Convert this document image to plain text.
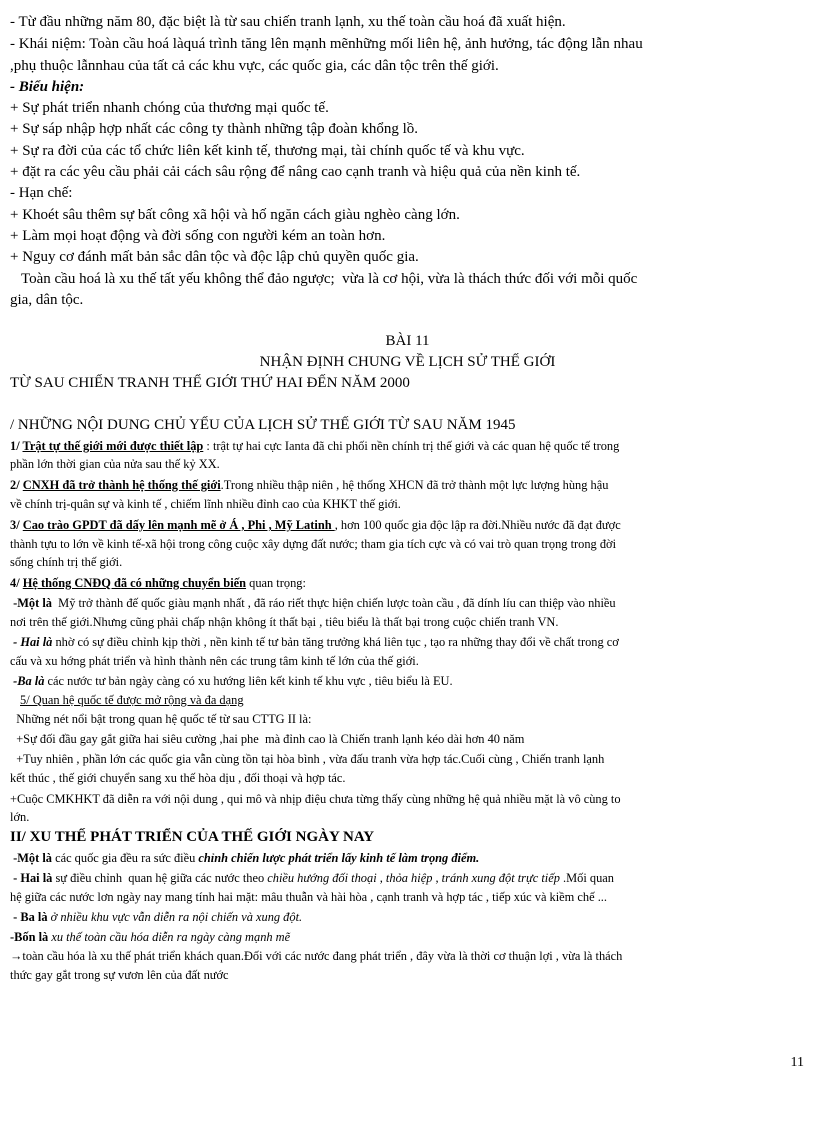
- Từ đầu những năm 80, đặc biệt là từ sau chiến tranh lạnh, xu thế toàn cầu hoá đã xuất hiện.

- Khái niệm: Toàn cầu hoá làquá trình tăng lên mạnh mẽnhững mối liên hệ, ảnh hưởng, tác động lẫn nhau

,phụ thuộc lẫnnhau của tất cả các khu vực, các quốc gia, các dân tộc trên thế giới.

- Biểu hiện:

+ Sự phát triển nhanh chóng của thương mại quốc tế.

+ Sự sáp nhập hợp nhất các công ty thành những tập đoàn khổng lồ.

+ Sự ra đời của các tổ chức liên kết kinh tế, thương mại, tài chính quốc tế và khu vực.

+ đặt ra các yêu cầu phải cải cách sâu rộng để nâng cao cạnh tranh và hiệu quả của nền kinh tế.

- Hạn chế:

+ Khoét sâu thêm sự bất công xã hội và hố ngăn cách giàu nghèo càng lớn.

+ Làm mọi hoạt động và đời sống con người kém an toàn hơn.

+ Nguy cơ đánh mất bản sắc dân tộc và độc lập chủ quyền quốc gia.

Toàn cầu hoá là xu thế tất yếu không thể đảo ngược;  vừa là cơ hội, vừa là thách thức đối với mỗi quốc

gia, dân tộc.

BÀI 11

NHẬN ĐỊNH CHUNG VỀ LỊCH SỬ THẾ GIỚI

TỪ SAU CHIẾN TRANH THẾ GIỚI THỨ HAI ĐẾN NĂM 2000

/ NHỮNG NỘI DUNG CHỦ YẾU CỦA LỊCH SỬ THẾ GIỚI TỪ SAU NĂM 1945

1/ Trật tự thế giới mới được thiết lập : trật tự hai cực Ianta đã chi phối nền chính trị thế giới và các quan hệ quốc tế trong

phần lớn thời gian của nửa sau thế kỷ XX.

2/ CNXH đã trở thành hệ thống thế giới.Trong nhiều thập niên , hệ thống XHCN đã trở thành một lực lượng hùng hậu

về chính trị-quân sự và kinh tế , chiếm lĩnh nhiều đỉnh cao của KHKT thế giới.

3/ Cao trào GPDT đã dấy lên mạnh mẽ ở Á , Phi , Mỹ Latinh , hơn 100 quốc gia độc lập ra đời.Nhiều nước đã đạt được

thành tựu to lớn về kinh tế-xã hội trong công cuộc xây dựng đất nước; tham gia tích cực và có vai trò quan trọng trong đời

sống chính trị thế giới.

4/ Hệ thống CNĐQ đã có những chuyển biến quan trọng:

-Một là  Mỹ trở thành đế quốc giàu mạnh nhất , đã ráo riết thực hiện chiến lược toàn cầu , đã dính líu can thiệp vào nhiều

nơi trên thế giới.Nhưng cũng phải chấp nhận không ít thất bại , tiêu biểu là thất bại trong cuộc chiến tranh VN.

- Hai là nhờ có sự điều chỉnh kịp thời , nền kinh tế tư bản tăng trưởng khá liên tục , tạo ra những thay đổi về chất trong cơ

cấu và xu hớng phát triển và hình thành nên các trung tâm kinh tế lớn của thế giới.

-Ba là các nước tư bản ngày càng có xu hướng liên kết kinh tế khu vực , tiêu biểu là EU.

5/ Quan hệ quốc tế được mở rộng và đa dạng

Những nét nổi bật trong quan hệ quốc tế từ sau CTTG II là:

+Sự đối đầu gay gắt giữa hai siêu cường ,hai phe  mà đỉnh cao là Chiến tranh lạnh kéo dài hơn 40 năm

+Tuy nhiên , phần lớn các quốc gia vẫn cùng tồn tại hòa bình , vừa đấu tranh vừa hợp tác.Cuối cùng , Chiến tranh lạnh

kết thúc , thế giới chuyển sang xu thế hòa dịu , đối thoại và hợp tác.

+Cuộc CMKHKT đã diễn ra với nội dung , qui mô và nhịp điệu chưa từng thấy cùng những hệ quả nhiều mặt là vô cùng to

lớn.

II/ XU THẾ PHÁT TRIỂN CỦA THẾ GIỚI NGÀY NAY

-Một là các quốc gia đều ra sức điều chỉnh chiến lược phát triển lấy kinh tế làm trọng điểm.

- Hai là sự điều chỉnh  quan hệ giữa các nước theo chiều hướng đối thoại , thỏa hiệp , tránh xung đột trực tiếp .Mối quan

hệ giữa các nước lơn ngày nay mang tính hai mặt: mâu thuẫn và hài hòa , cạnh tranh và hợp tác , tiếp xúc và kiềm chế ...

- Ba là ở nhiều khu vực vẫn diễn ra nội chiến và xung đột.

-Bốn là xu thế toàn cầu hóa diễn ra ngày càng mạnh mẽ

→toàn cầu hóa là xu thế phát triển khách quan.Đối với các nước đang phát triển , đây vừa là thời cơ thuận lợi , vừa là thách

thức gay gắt trong sự vươn lên của đất nước

11
